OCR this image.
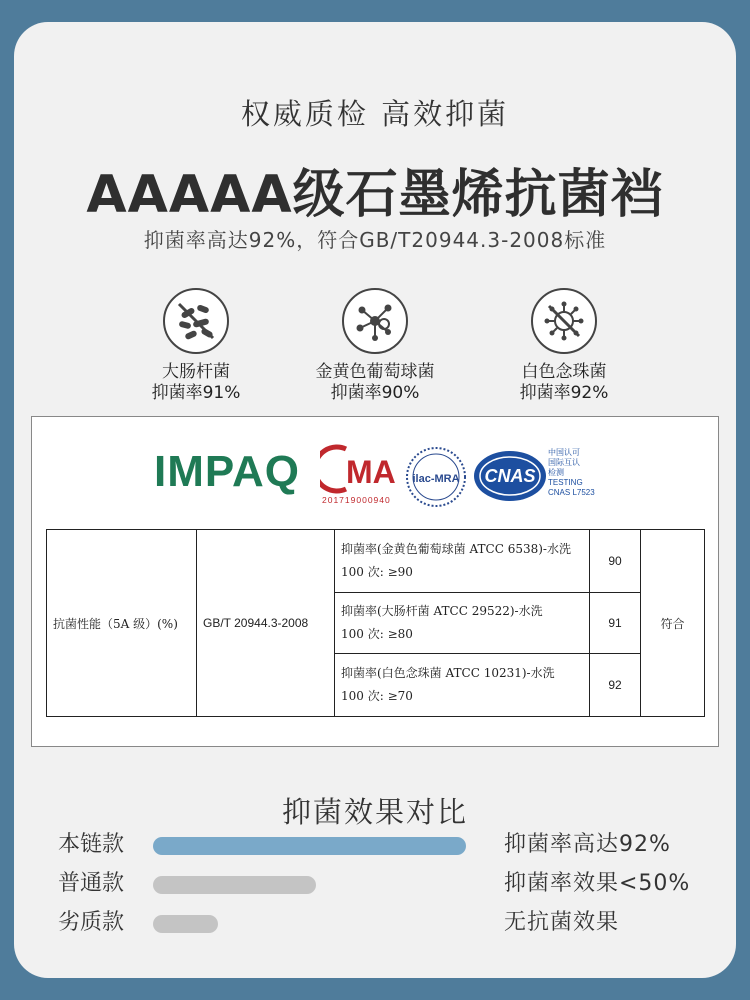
权威质检 高效抑菌
AAAAA级石墨烯抗菌裆
抑菌率高达92%，符合GB/T20944.3-2008标准
大肠杆菌
抑菌率91%
金黄色葡萄球菌
抑菌率90%
白色念珠菌
抑菌率92%
IMPAQ MA
201719000940
ilac-MRA CNAS
中国认可
国际互认
检测
TESTING
CNAS L7523
抗菌性能（5A 级）(%)	GB/T 20944.3-2008	抑菌率(金黄色葡萄球菌 ATCC 6538)-水洗
100 次: ≥90	90	符合

		抑菌率(大肠杆菌 ATCC 29522)-水洗
100 次: ≥80	91	

		抑菌率(白色念珠菌 ATCC 10231)-水洗
100 次: ≥70	92	
抑菌效果对比
本链款	抑菌率高达92%
普通款	抑菌率效果<50%
劣质款	无抗菌效果
